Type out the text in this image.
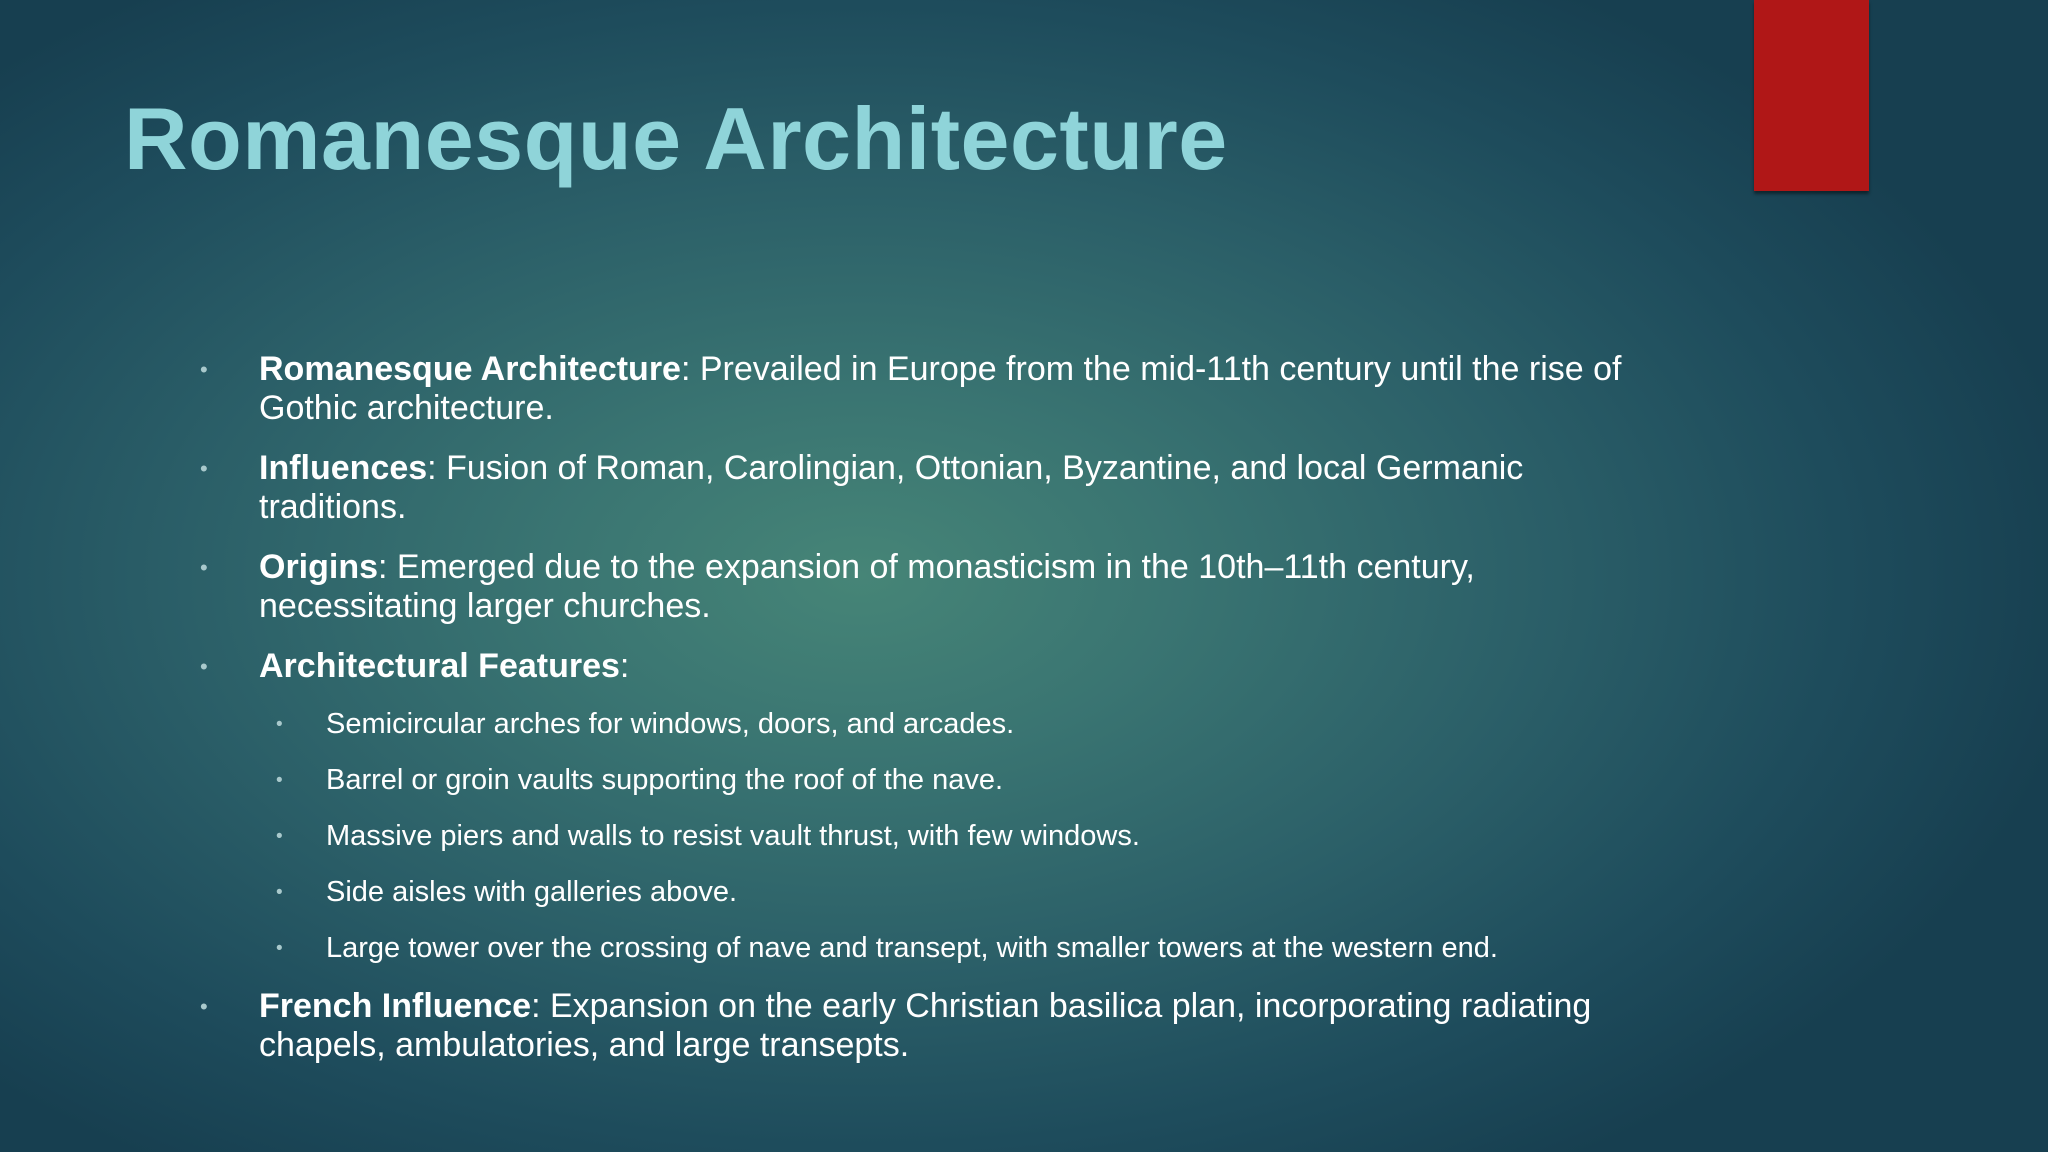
Romanesque Architecture
• Romanesque Architecture: Prevailed in Europe from the mid-11th century until the rise of Gothic architecture.
• Influences: Fusion of Roman, Carolingian, Ottonian, Byzantine, and local Germanic traditions.
• Origins: Emerged due to the expansion of monasticism in the 10th–11th century, necessitating larger churches.
• Architectural Features:
• Semicircular arches for windows, doors, and arcades.
• Barrel or groin vaults supporting the roof of the nave.
• Massive piers and walls to resist vault thrust, with few windows.
• Side aisles with galleries above.
• Large tower over the crossing of nave and transept, with smaller towers at the western end.
• French Influence: Expansion on the early Christian basilica plan, incorporating radiating chapels, ambulatories, and large transepts.
